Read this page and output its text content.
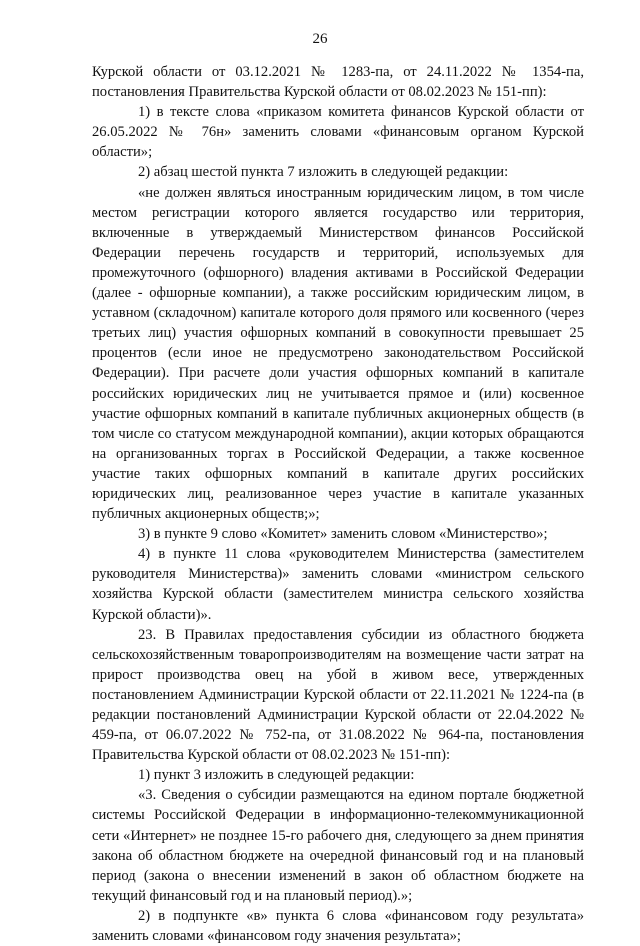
26

Курской области от 03.12.2021 № 1283-па, от 24.11.2022 № 1354-па, постановления Правительства Курской области от 08.02.2023 № 151-пп):

1) в тексте слова «приказом комитета финансов Курской области от 26.05.2022 № 76н» заменить словами «финансовым органом Курской области»;

2) абзац шестой пункта 7 изложить в следующей редакции:

«не должен являться иностранным юридическим лицом, в том числе местом регистрации которого является государство или территория, включенные в утверждаемый Министерством финансов Российской Федерации перечень государств и территорий, используемых для промежуточного (офшорного) владения активами в Российской Федерации (далее - офшорные компании), а также российским юридическим лицом, в уставном (складочном) капитале которого доля прямого или косвенного (через третьих лиц) участия офшорных компаний в совокупности превышает 25 процентов (если иное не предусмотрено законодательством Российской Федерации). При расчете доли участия офшорных компаний в капитале российских юридических лиц не учитывается прямое и (или) косвенное участие офшорных компаний в капитале публичных акционерных обществ (в том числе со статусом международной компании), акции которых обращаются на организованных торгах в Российской Федерации, а также косвенное участие таких офшорных компаний в капитале других российских юридических лиц, реализованное через участие в капитале указанных публичных акционерных обществ;»;

3) в пункте 9 слово «Комитет» заменить словом «Министерство»;

4) в пункте 11 слова «руководителем Министерства (заместителем руководителя Министерства)» заменить словами «министром сельского хозяйства Курской области (заместителем министра сельского хозяйства Курской области)».

23. В Правилах предоставления субсидии из областного бюджета сельскохозяйственным товаропроизводителям на возмещение части затрат на прирост производства овец на убой в живом весе, утвержденных постановлением Администрации Курской области от 22.11.2021 № 1224-па (в редакции постановлений Администрации Курской области от 22.04.2022 № 459-па, от 06.07.2022 № 752-па, от 31.08.2022 № 964-па, постановления Правительства Курской области от 08.02.2023 № 151-пп):

1) пункт 3 изложить в следующей редакции:

«3. Сведения о субсидии размещаются на едином портале бюджетной системы Российской Федерации в информационно-телекоммуникационной сети «Интернет» не позднее 15-го рабочего дня, следующего за днем принятия закона об областном бюджете на очередной финансовый год и на плановый период (закона о внесении изменений в закон об областном бюджете на текущий финансовый год и на плановый период).»;

2) в подпункте «в» пункта 6 слова «финансовом году результата» заменить словами «финансовом году значения результата»;
